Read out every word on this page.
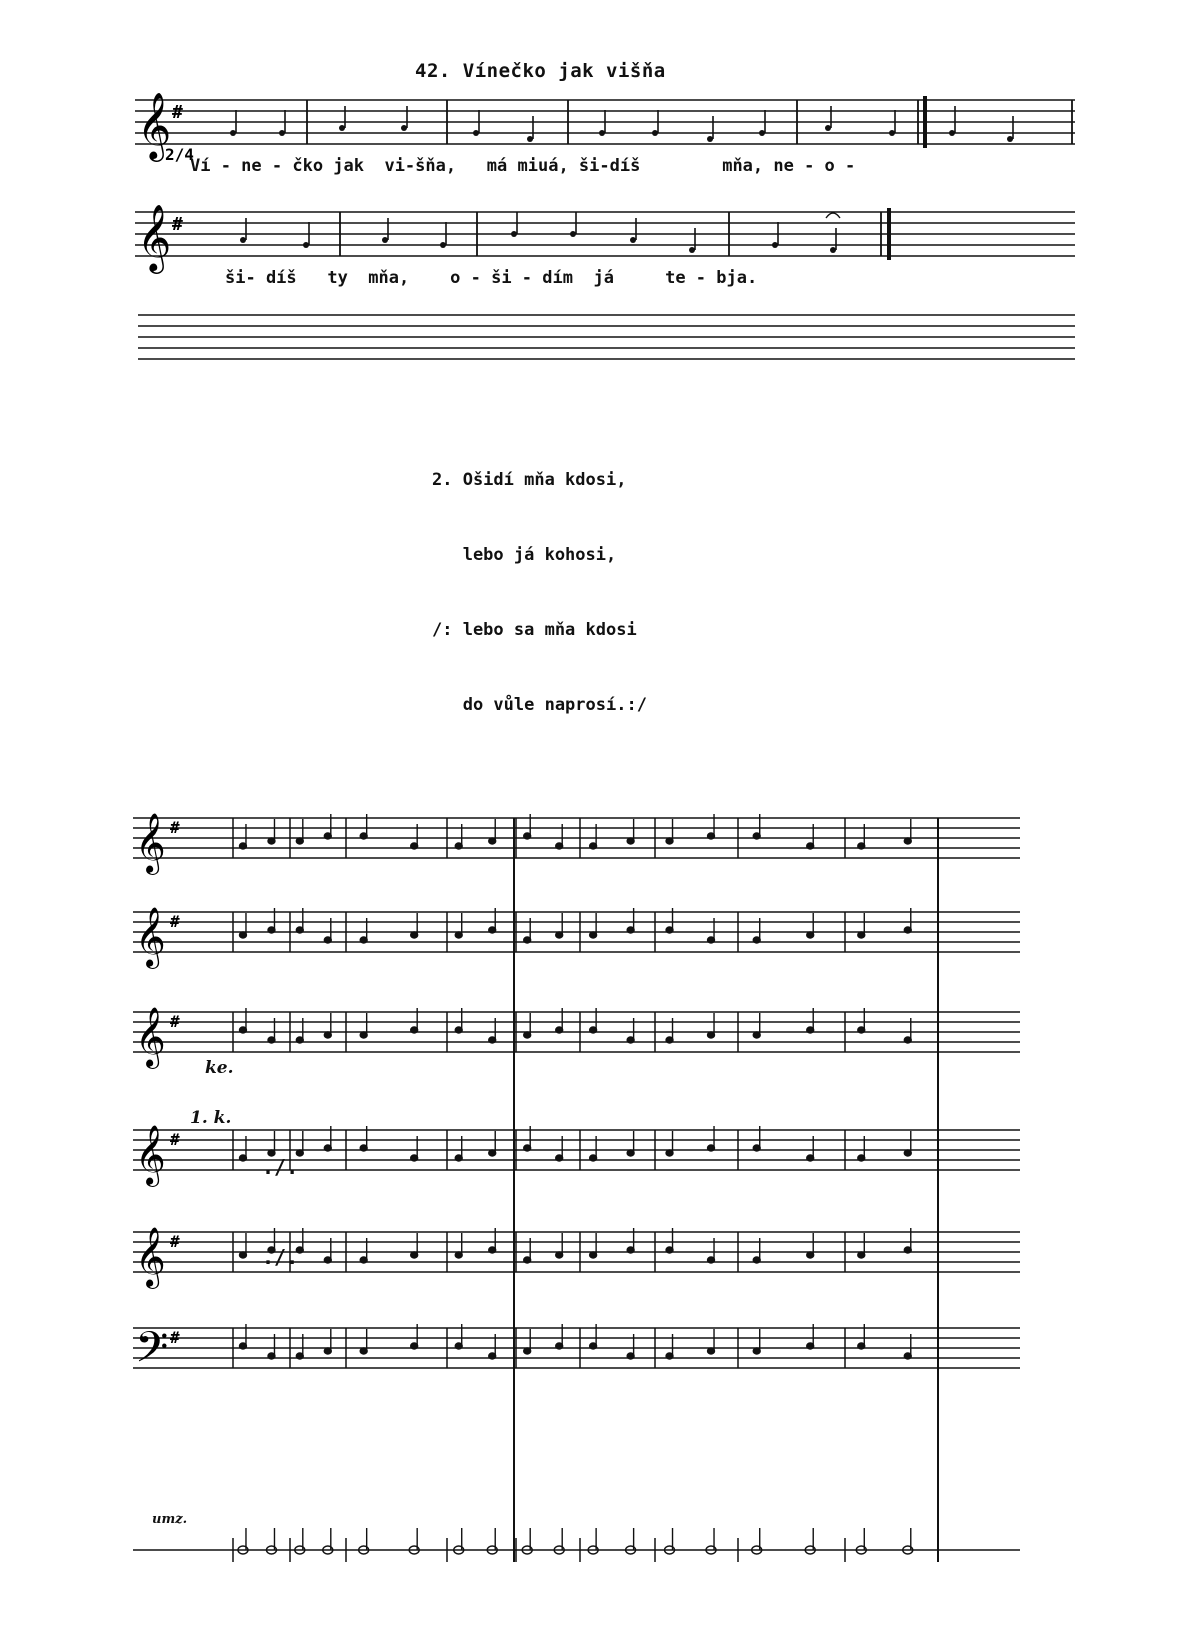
42. Vínečko jak višňa
𝄞 #
2/4
𝄞 #
𝄞 #
𝄞 #
𝄞 #
𝄞 #
𝄞 #
𝄢 #
Ví - ne - čko jak  vi-šňa,   má miuá, ši-díš        mňa, ne - o -
ši- díš   ty  mňa,    o - ši - dím  já     te - bja.

2. Ošidí mňa kdosi,

lebo já kohosi,

/: lebo sa mňa kdosi

do vůle naprosí.:/

ke.
1. k.
umz.
./.
./.
